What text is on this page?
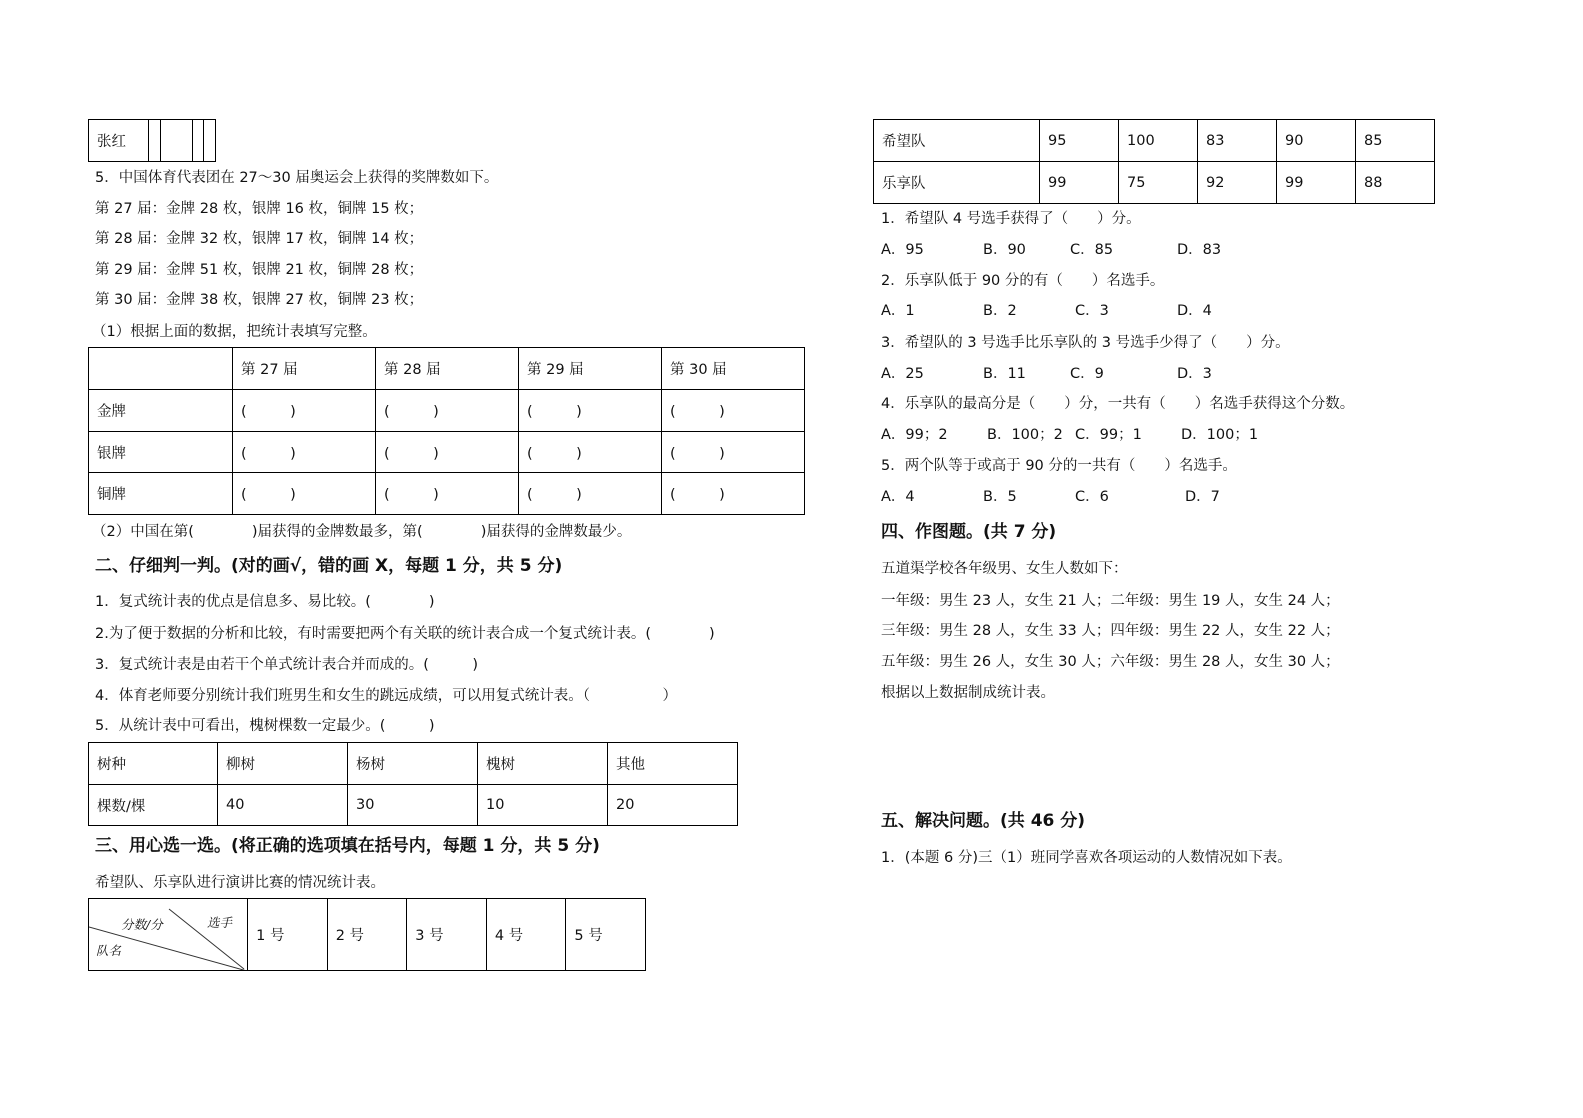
张红				
5．中国体育代表团在 27～30 届奥运会上获得的奖牌数如下。
第 27 届：金牌 28 枚，银牌 16 枚，铜牌 15 枚；
第 28 届：金牌 32 枚，银牌 17 枚，铜牌 14 枚；
第 29 届：金牌 51 枚，银牌 21 枚，铜牌 28 枚；
第 30 届：金牌 38 枚，银牌 27 枚，铜牌 23 枚；
（1）根据上面的数据，把统计表填写完整。
	第 27 届	第 28 届	第 29 届	第 30 届
金牌	(　　　)	(　　　)	(　　　)	(　　　)
银牌	(　　　)	(　　　)	(　　　)	(　　　)
铜牌	(　　　)	(　　　)	(　　　)	(　　　)
（2）中国在第(　　　　)届获得的金牌数最多，第(　　　　)届获得的金牌数最少。
二、仔细判一判。(对的画√，错的画 X，每题 1 分，共 5 分)
1．复式统计表的优点是信息多、易比较。(　　　　)
2.为了便于数据的分析和比较，有时需要把两个有关联的统计表合成一个复式统计表。(　　　　)
3．复式统计表是由若干个单式统计表合并而成的。(　　　)
4．体育老师要分别统计我们班男生和女生的跳远成绩，可以用复式统计表。（　　　　　）
5．从统计表中可看出，槐树棵数一定最少。(　　　)
树种	柳树	杨树	槐树	其他
棵数/棵	40	30	10	20
三、用心选一选。(将正确的选项填在括号内，每题 1 分，共 5 分)
希望队、乐享队进行演讲比赛的情况统计表。
分数/分	选手
队名
	1 号	2 号	3 号	4 号	5 号
希望队	95	100	83	90	85
乐享队	99	75	92	99	88
1．希望队 4 号选手获得了（　　）分。
A．95	B．90	C．85	D．83
2．乐享队低于 90 分的有（　　）名选手。
A．1	B．2	C．3	D．4
3．希望队的 3 号选手比乐享队的 3 号选手少得了（　　）分。
A．25	B．11	C．9	D．3
4．乐享队的最高分是（　　）分，一共有（　　）名选手获得这个分数。
A．99；2	B．100；2 C．99；1	D．100；1
5．两个队等于或高于 90 分的一共有（　　）名选手。
A．4	B．5	C．6	D．7
四、作图题。(共 7 分)
五道渠学校各年级男、女生人数如下：
一年级：男生 23 人，女生 21 人；二年级：男生 19 人，女生 24 人；
三年级：男生 28 人，女生 33 人；四年级：男生 22 人，女生 22 人；
五年级：男生 26 人，女生 30 人；六年级：男生 28 人，女生 30 人；
根据以上数据制成统计表。
五、解决问题。(共 46 分)
1．(本题 6 分)三（1）班同学喜欢各项运动的人数情况如下表。
